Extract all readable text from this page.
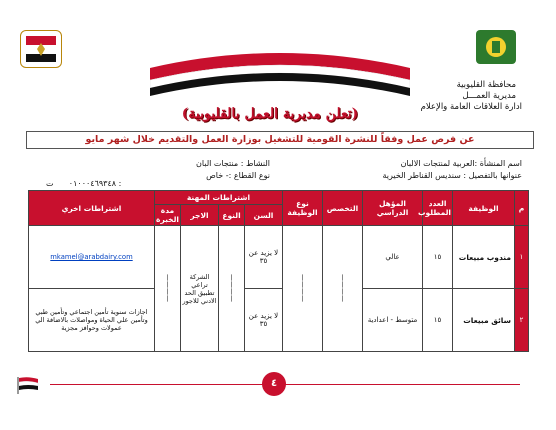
محافظة القليوبية
مديرية العمـــل
ادارة العلاقات العامة والإعلام
(تعلن مديرية العمل بالقليوبية)
عن فرص عمل وفقاً للنشرة القومية للتشغيل بوزارة العمل والتقديم خلال شهر مايو
اسم المنشأة :العربية لمنتجات الالبان
عنوانها بالتفصيل : سنديس القناطر الخيرية
النشاط : منتجات البان
نوع القطاع :- خاص
٠١٠٠٠٤٦٩٣٤٨      ت :
م	الوظيفة	العدد المطلوب	المؤهل الدراسي	التخصص	نوع الوظيفة	اشتراطات المهنة				اشتراطات اخري
						السن	النوع	الاجر	مدة الخبرة	
١	مندوب مبيعات	١٥	عالي	————	————	لا يزيد عن ٣٥	————	الشركة تراعي تطبيق الحد الادني للاجور	————	mkamel@arabdairy.com
٢	سائق مبيعات	١٥	متوسط - اعدادية			لا يزيد عن ٣٥				اجازات سنوية تأمين اجتماعي وتأمين طبي وتأمين علي الحياة ومواصلات بالاضافة الي عمولات وحوافز مجزية
٤
